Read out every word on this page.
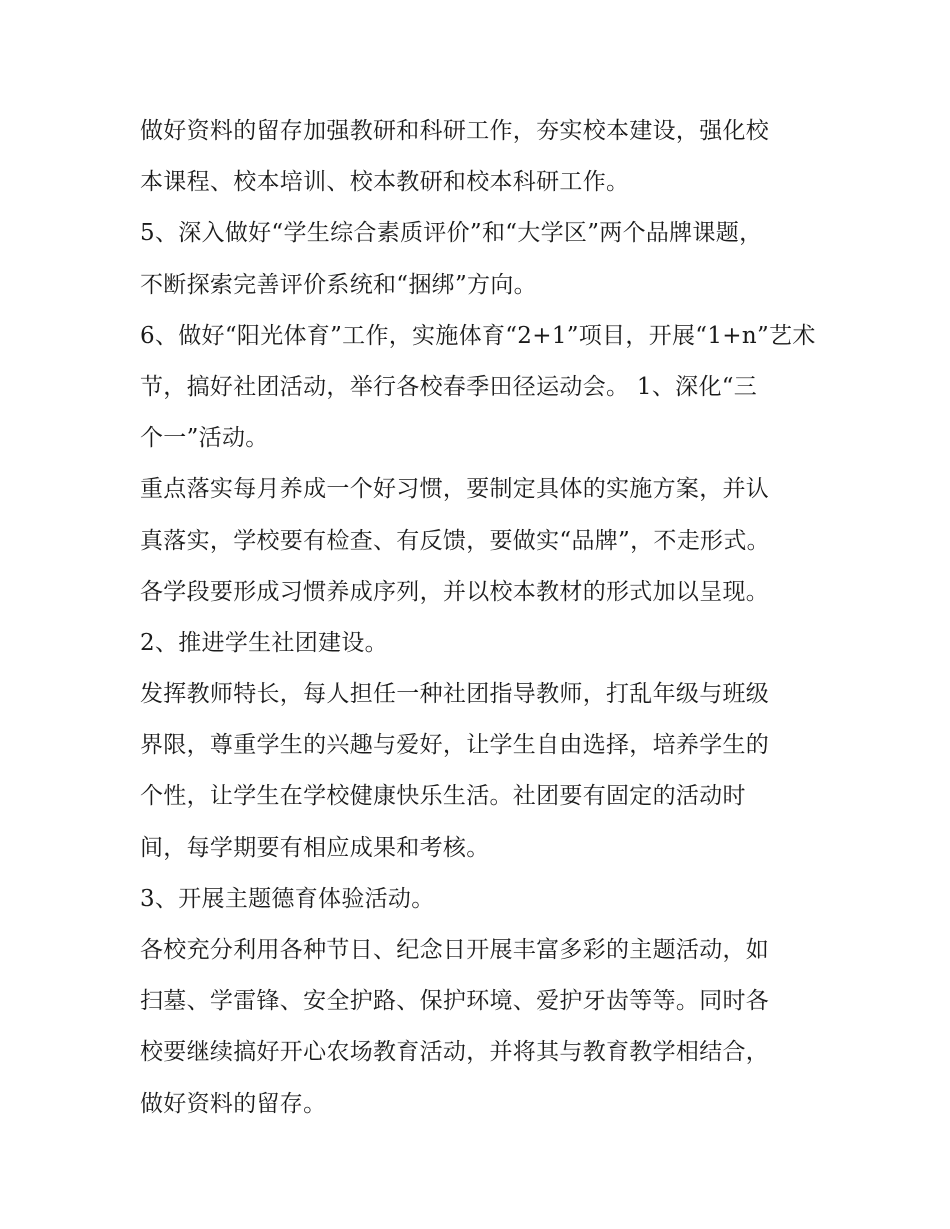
做好资料的留存加强教研和科研工作，夯实校本建设，强化校
本课程、校本培训、校本教研和校本科研工作。
5、深入做好“学生综合素质评价”和“大学区”两个品牌课题，
不断探索完善评价系统和“捆绑”方向。
6、做好“阳光体育”工作，实施体育“2+1”项目，开展“1+n”艺术
节，搞好社团活动，举行各校春季田径运动会。 1、深化“三
个一”活动。
重点落实每月养成一个好习惯，要制定具体的实施方案，并认
真落实，学校要有检查、有反馈，要做实“品牌”，不走形式。
各学段要形成习惯养成序列，并以校本教材的形式加以呈现。
2、推进学生社团建设。
发挥教师特长，每人担任一种社团指导教师，打乱年级与班级
界限，尊重学生的兴趣与爱好，让学生自由选择，培养学生的
个性，让学生在学校健康快乐生活。社团要有固定的活动时
间，每学期要有相应成果和考核。
3、开展主题德育体验活动。
各校充分利用各种节日、纪念日开展丰富多彩的主题活动，如
扫墓、学雷锋、安全护路、保护环境、爱护牙齿等等。同时各
校要继续搞好开心农场教育活动，并将其与教育教学相结合，
做好资料的留存。
